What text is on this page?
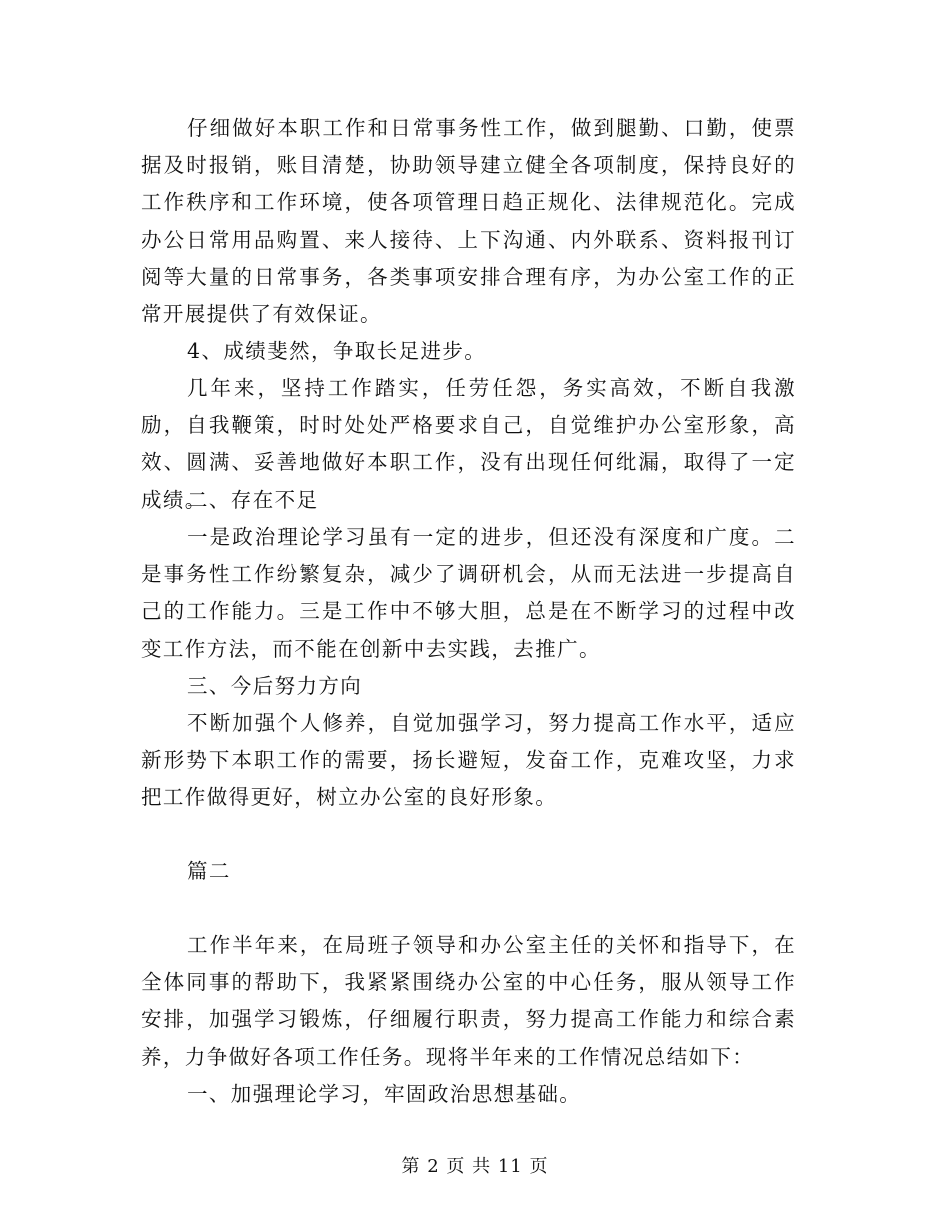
仔细做好本职工作和日常事务性工作，做到腿勤、口勤，使票据及时报销，账目清楚，协助领导建立健全各项制度，保持良好的工作秩序和工作环境，使各项管理日趋正规化、法律规范化。完成办公日常用品购置、来人接待、上下沟通、内外联系、资料报刊订阅等大量的日常事务，各类事项安排合理有序，为办公室工作的正常开展提供了有效保证。

4、成绩斐然，争取长足进步。

几年来，坚持工作踏实，任劳任怨，务实高效，不断自我激励，自我鞭策，时时处处严格要求自己，自觉维护办公室形象，高效、圆满、妥善地做好本职工作，没有出现任何纰漏，取得了一定成绩。

二、存在不足

一是政治理论学习虽有一定的进步，但还没有深度和广度。二是事务性工作纷繁复杂，减少了调研机会，从而无法进一步提高自己的工作能力。三是工作中不够大胆，总是在不断学习的过程中改变工作方法，而不能在创新中去实践，去推广。

三、今后努力方向

不断加强个人修养，自觉加强学习，努力提高工作水平，适应新形势下本职工作的需要，扬长避短，发奋工作，克难攻坚，力求把工作做得更好，树立办公室的良好形象。

篇二

工作半年来，在局班子领导和办公室主任的关怀和指导下，在全体同事的帮助下，我紧紧围绕办公室的中心任务，服从领导工作安排，加强学习锻炼，仔细履行职责，努力提高工作能力和综合素养，力争做好各项工作任务。现将半年来的工作情况总结如下：

一、加强理论学习，牢固政治思想基础。

第 2 页 共 11 页
